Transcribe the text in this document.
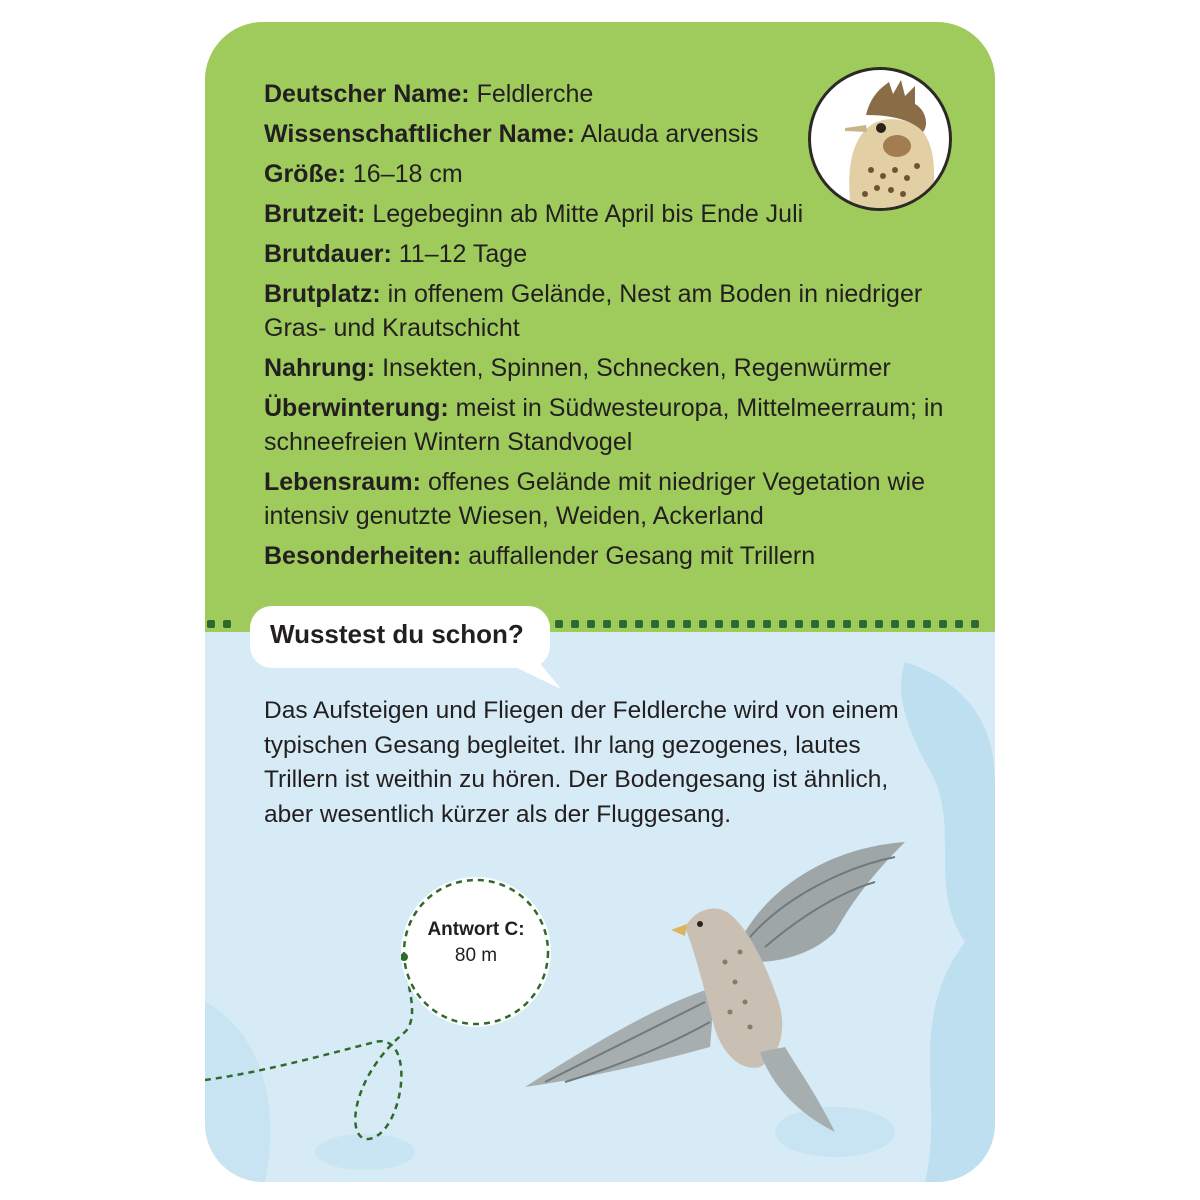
Deutscher Name: Feldlerche
Wissenschaftlicher Name: Alauda arvensis
Größe: 16–18 cm
Brutzeit: Legebeginn ab Mitte April bis Ende Juli
Brutdauer: 11–12 Tage
Brutplatz: in offenem Gelände, Nest am Boden in niedriger Gras- und Krautschicht
Nahrung: Insekten, Spinnen, Schnecken, Regenwürmer
Überwinterung: meist in Südwesteuropa, Mittelmeerraum; in schneefreien Wintern Standvogel
Lebensraum: offenes Gelände mit niedriger Vegetation wie intensiv genutzte Wiesen, Weiden, Ackerland
Besonderheiten: auffallender Gesang mit Trillern
Wusstest du schon?
Das Aufsteigen und Fliegen der Feldlerche wird von einem typischen Gesang begleitet. Ihr lang gezogenes, lautes Trillern ist weithin zu hören. Der Bodengesang ist ähnlich, aber wesentlich kürzer als der Fluggesang.
Antwort C:
80 m
